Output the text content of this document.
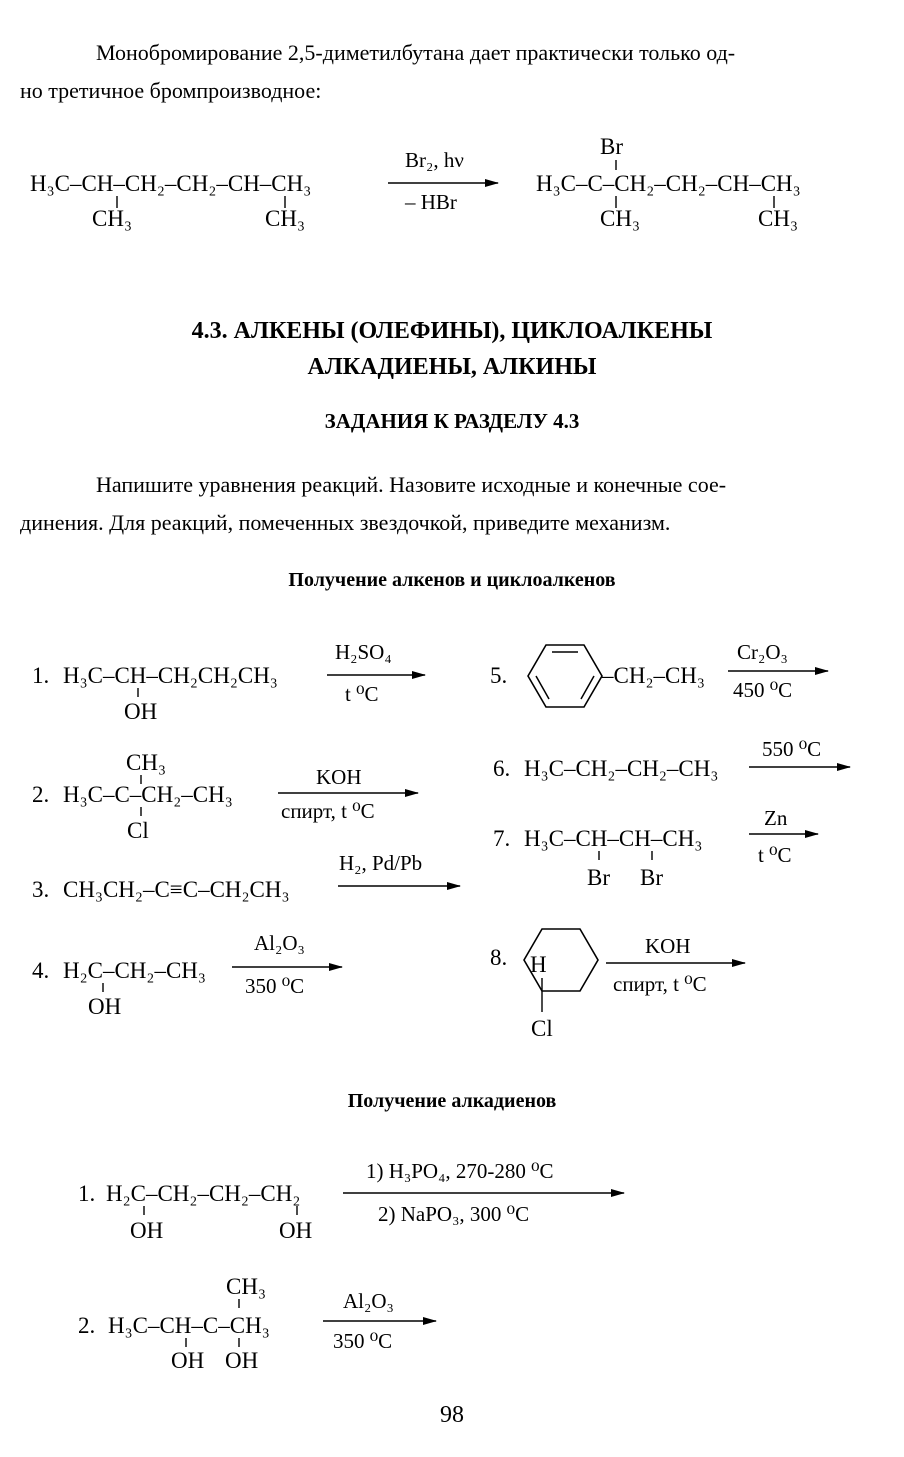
Монобромирование 2,5-диметилбутана дает практически только од-
но третичное бромпроизводное:

H₃C–CH–CH₂–CH₂–CH–CH₃
CH₃	CH₃
Br₂, hν
– HBr
Br
H₃C–C–CH₂–CH₂–CH–CH₃
CH₃	CH₃
1. H₃C–CH–CH₂CH₂CH₃
OH
H₂SO₄
t ⁰C
CH₃
2. H₃C–C–CH₂–CH₃
Cl
KOH
спирт, t ⁰C
3. CH₃CH₂–C≡C–CH₂CH₃
H₂, Pd/Pb
4. H₂C–CH₂–CH₃
OH
Al₂O₃
350 ⁰C
5.	–CH₂–CH₃
Cr₂O₃
450 ⁰C
6. H₃C–CH₂–CH₂–CH₃
550 ⁰C
7. H₃C–CH–CH–CH₃
Br Br
Zn
t ⁰C
8. H
Cl
KOH
спирт, t ⁰C
1. H₂C–CH₂–CH₂–CH₂
OH	OH
1) H₃PO₄, 270-280 ⁰C
2) NaPO₃, 300 ⁰C
CH₃
2. H₃C–CH–C–CH₃
OH OH
Al₂O₃
350 ⁰C
4.3. АЛКЕНЫ (ОЛЕФИНЫ), ЦИКЛОАЛКЕНЫ
АЛКАДИЕНЫ, АЛКИНЫ
ЗАДАНИЯ К РАЗДЕЛУ 4.3

Напишите уравнения реакций. Назовите исходные и конечные сое-
динения. Для реакций, помеченных звездочкой, приведите механизм.

Получение алкенов и циклоалкенов
Получение алкадиенов

98
